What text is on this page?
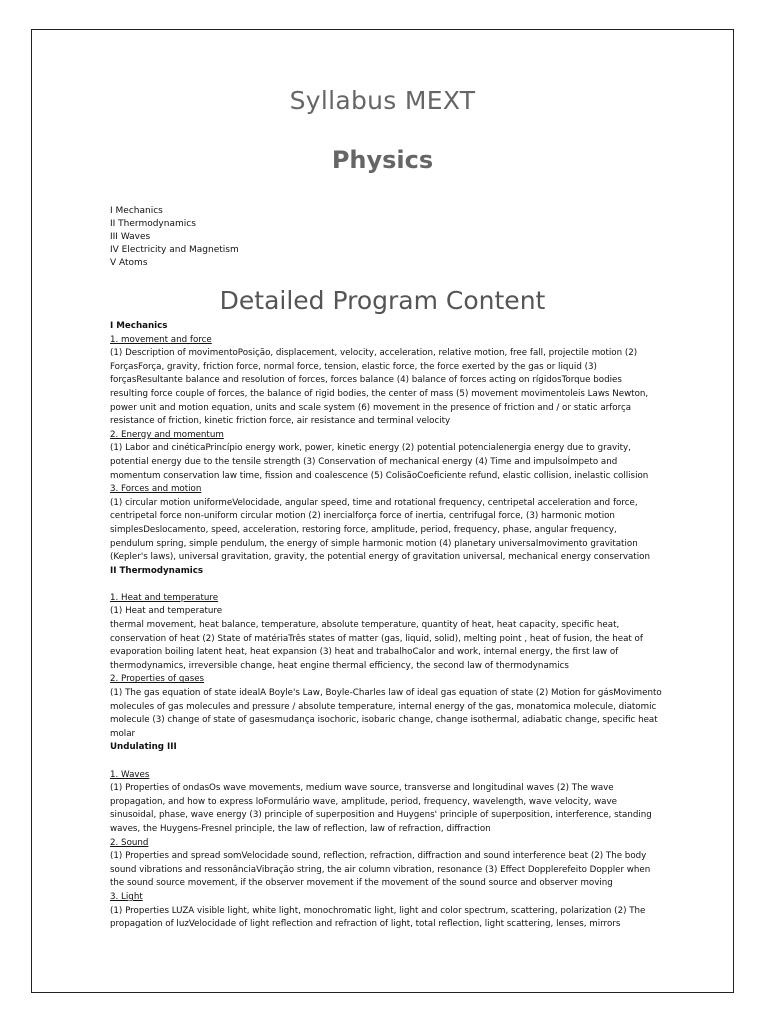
Syllabus MEXT
Physics
I Mechanics
II Thermodynamics
III Waves
IV Electricity and Magnetism
V Atoms
Detailed Program Content
I Mechanics
1. movement and force

(1) Description of movimentoPosição, displacement, velocity, acceleration, relative motion, free fall, projectile motion (2) ForçasForça, gravity, friction force, normal force, tension, elastic force, the force exerted by the gas or liquid (3) forçasResultante balance and resolution of forces, forces balance (4) balance of forces acting on rígidosTorque bodies resulting force couple of forces, the balance of rigid bodies, the center of mass (5) movement movimentoleis Laws Newton, power unit and motion equation, units and scale system (6) movement in the presence of friction and / or static arforça resistance of friction, kinetic friction force, air resistance and terminal velocity

2. Energy and momentum

(1) Labor and cinéticaPrincípio energy work, power, kinetic energy (2) potential potencialenergia energy due to gravity, potential energy due to the tensile strength (3) Conservation of mechanical energy (4) Time and impulsoÍmpeto and momentum conservation law time, fission and coalescence (5) ColisãoCoeficiente refund, elastic collision, inelastic collision

3. Forces and motion

(1) circular motion uniformeVelocidade, angular speed, time and rotational frequency, centripetal acceleration and force, centripetal force non-uniform circular motion (2) inercialforça force of inertia, centrifugal force, (3) harmonic motion simplesDeslocamento, speed, acceleration, restoring force, amplitude, period, frequency, phase, angular frequency, pendulum spring, simple pendulum, the energy of simple harmonic motion (4) planetary universalmovimento gravitation (Kepler's laws), universal gravitation, gravity, the potential energy of gravitation universal, mechanical energy conservation

II Thermodynamics
1. Heat and temperature

(1) Heat and temperature

thermal movement, heat balance, temperature, absolute temperature, quantity of heat, heat capacity, specific heat, conservation of heat (2) State of matériaTrês states of matter (gas, liquid, solid), melting point , heat of fusion, the heat of evaporation boiling latent heat, heat expansion (3) heat and trabalhoCalor and work, internal energy, the first law of thermodynamics, irreversible change, heat engine thermal efficiency, the second law of thermodynamics

2. Properties of gases

(1) The gas equation of state idealA Boyle's Law, Boyle-Charles law of ideal gas equation of state (2) Motion for gásMovimento molecules of gas molecules and pressure / absolute temperature, internal energy of the gas, monatomica molecule, diatomic molecule (3) change of state of gasesmudança isochoric, isobaric change, change isothermal, adiabatic change, specific heat molar

Undulating III
1. Waves

(1) Properties of ondasOs wave movements, medium wave source, transverse and longitudinal waves (2) The wave propagation, and how to express loFormulário wave, amplitude, period, frequency, wavelength, wave velocity, wave sinusoidal, phase, wave energy (3) principle of superposition and Huygens' principle of superposition, interference, standing waves, the Huygens-Fresnel principle, the law of reflection, law of refraction, diffraction

2. Sound

(1) Properties and spread somVelocidade sound, reflection, refraction, diffraction and sound interference beat (2) The body sound vibrations and ressonânciaVibração string, the air column vibration, resonance (3) Effect Dopplerefeito Doppler when the sound source movement, if the observer movement if the movement of the sound source and observer moving

3. Light

(1) Properties LUZA visible light, white light, monochromatic light, light and color spectrum, scattering, polarization (2) The propagation of luzVelocidade of light reflection and refraction of light, total reflection, light scattering, lenses, mirrors
